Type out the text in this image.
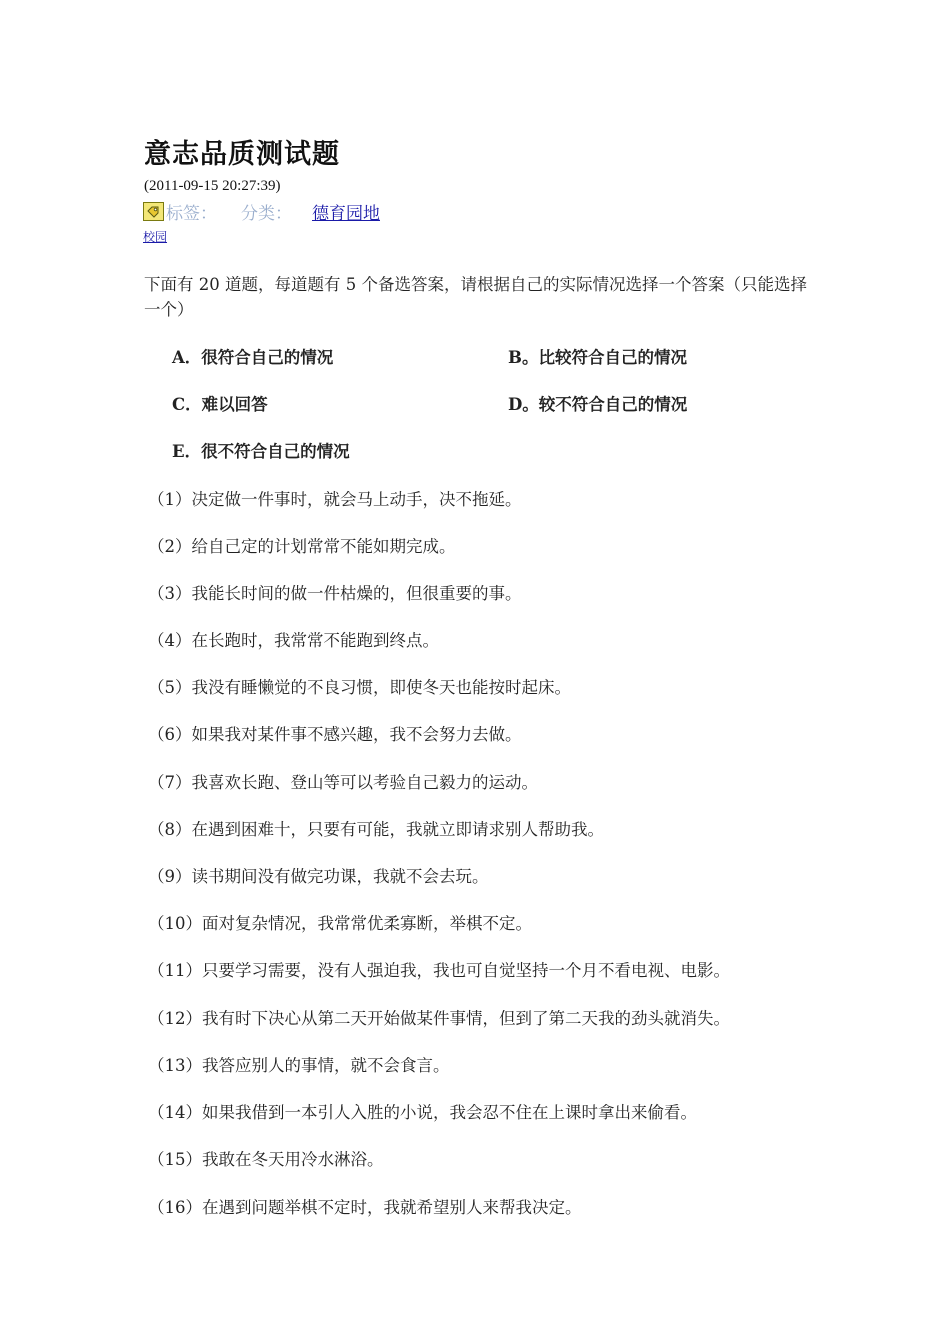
意志品质测试题
(2011-09-15 20:27:39)
标签： 分类： 德育园地
校园
下面有 20 道题，每道题有 5 个备选答案，请根据自己的实际情况选择一个答案（只能选择一个）
A．很符合自己的情况	B。比较符合自己的情况
C．难以回答	D。较不符合自己的情况
E．很不符合自己的情况
（1）决定做一件事时，就会马上动手，决不拖延。
（2）给自己定的计划常常不能如期完成。
（3）我能长时间的做一件枯燥的，但很重要的事。
（4）在长跑时，我常常不能跑到终点。
（5）我没有睡懒觉的不良习惯，即使冬天也能按时起床。
（6）如果我对某件事不感兴趣，我不会努力去做。
（7）我喜欢长跑、登山等可以考验自己毅力的运动。
（8）在遇到困难十，只要有可能，我就立即请求别人帮助我。
（9）读书期间没有做完功课，我就不会去玩。
（10）面对复杂情况，我常常优柔寡断，举棋不定。
（11）只要学习需要，没有人强迫我，我也可自觉坚持一个月不看电视、电影。
（12）我有时下决心从第二天开始做某件事情，但到了第二天我的劲头就消失。
（13）我答应别人的事情，就不会食言。
（14）如果我借到一本引人入胜的小说，我会忍不住在上课时拿出来偷看。
（15）我敢在冬天用冷水淋浴。
（16）在遇到问题举棋不定时，我就希望别人来帮我决定。
